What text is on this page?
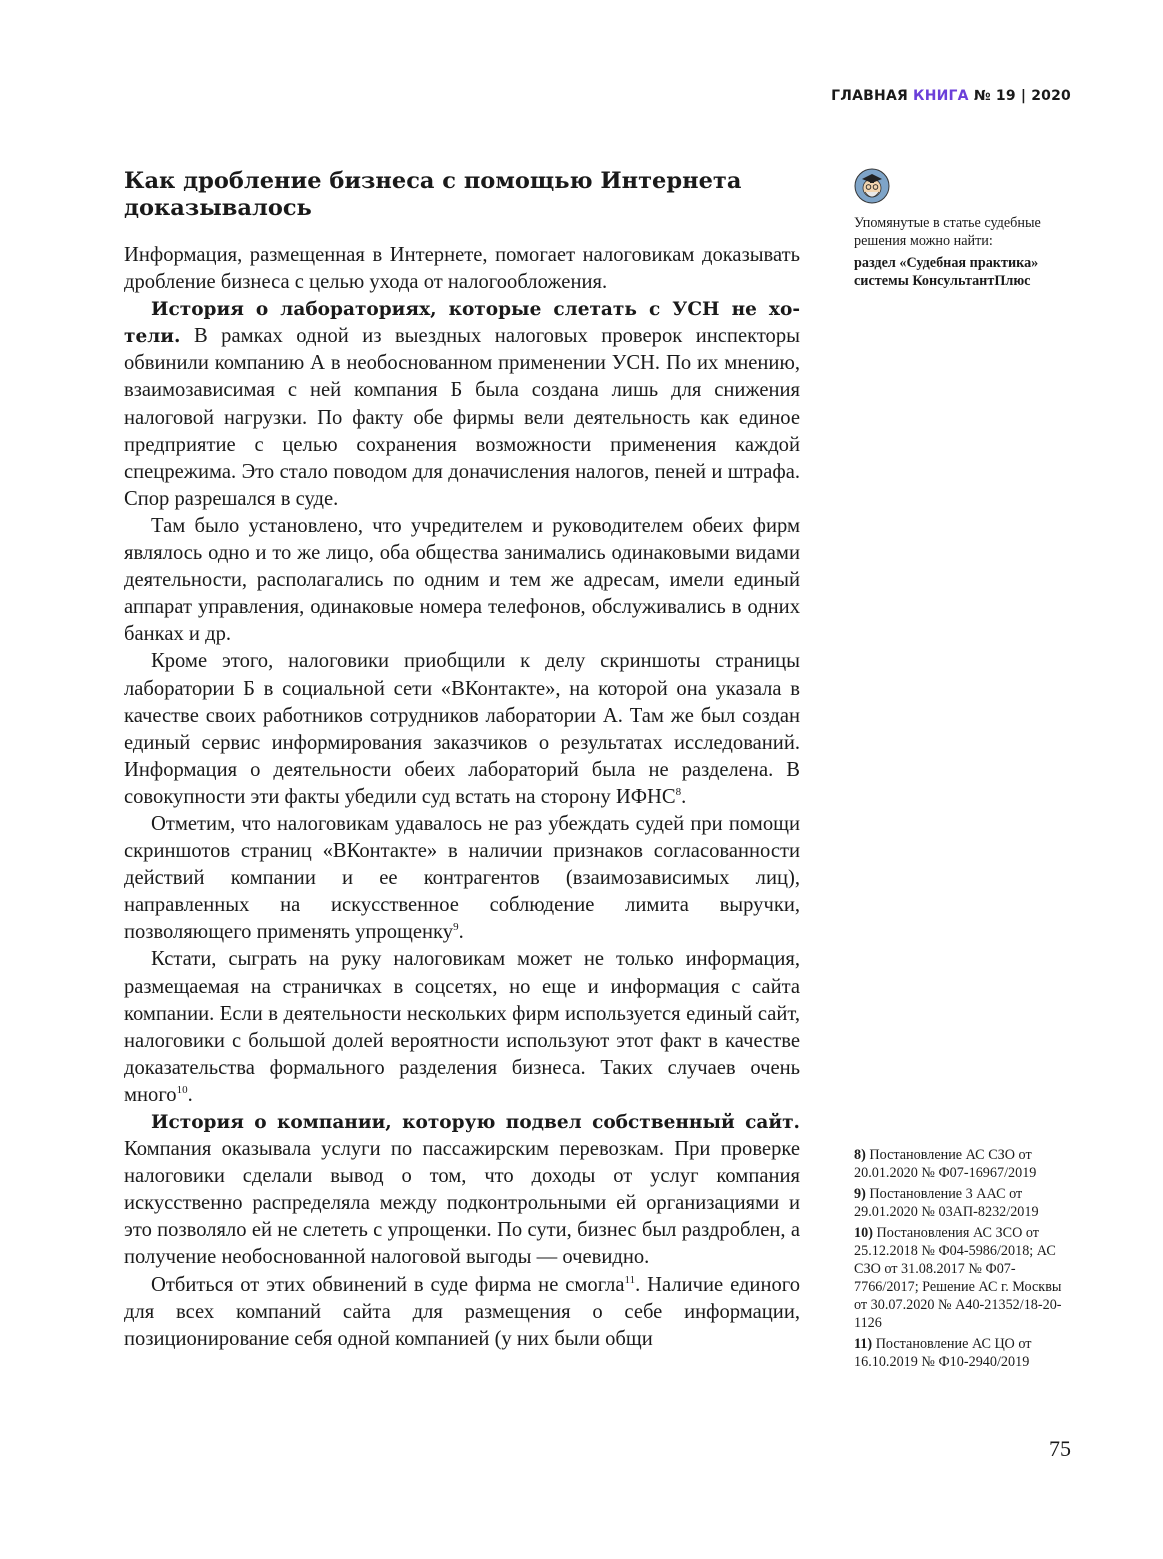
ГЛАВНАЯ КНИГА № 19 | 2020
Как дробление бизнеса с помощью Интернета доказывалось

Информация, размещенная в Интернете, помогает налоговикам доказывать дробление бизнеса с целью ухода от налогообложения.

История о лабораториях, которые слетать с УСН не хотели. В рамках одной из выездных налоговых проверок инспекторы обвинили компанию А в необоснованном применении УСН. По их мнению, взаимозависимая с ней компания Б была создана лишь для снижения налоговой нагрузки. По факту обе фирмы вели деятельность как единое предприятие с целью сохранения возможности применения каждой спецрежима. Это стало поводом для доначисления налогов, пеней и штрафа. Спор разрешался в суде.

Там было установлено, что учредителем и руководителем обеих фирм являлось одно и то же лицо, оба общества занимались одинаковыми видами деятельности, располагались по одним и тем же адресам, имели единый аппарат управления, одинаковые номера телефонов, обслуживались в одних банках и др.

Кроме этого, налоговики приобщили к делу скриншоты страницы лаборатории Б в социальной сети «ВКонтакте», на которой она указала в качестве своих работников сотрудников лаборатории А. Там же был создан единый сервис информирования заказчиков о результатах исследований. Информация о деятельности обеих лабораторий была не разделена. В совокупности эти факты убедили суд встать на сторону ИФНС$^8$.

Отметим, что налоговикам удавалось не раз убеждать судей при помощи скриншотов страниц «ВКонтакте» в наличии признаков согласованности действий компании и ее контрагентов (взаимозависимых лиц), направленных на искусственное соблюдение лимита выручки, позволяющего применять упрощенку$^9$.

Кстати, сыграть на руку налоговикам может не только информация, размещаемая на страничках в соцсетях, но еще и информация с сайта компании. Если в деятельности нескольких фирм используется единый сайт, налоговики с большой долей вероятности используют этот факт в качестве доказательства формального разделения бизнеса. Таких случаев очень много$^{10}$.

История о компании, которую подвел собственный сайт. Компания оказывала услуги по пассажирским перевозкам. При проверке налоговики сделали вывод о том, что доходы от услуг компания искусственно распределяла между подконтрольными ей организациями и это позволяло ей не слететь с упрощенки. По сути, бизнес был раздроблен, а получение необоснованной налоговой выгоды — очевидно.

Отбиться от этих обвинений в суде фирма не смогла$^{11}$. Наличие единого для всех компаний сайта для размещения о себе информации, позиционирование себя одной компанией (у них были общи

Упомянутые в статье судебные решения можно найти:
раздел «Судебная практика» системы КонсультантПлюс
8) Постановление АС СЗО от 20.01.2020 № Ф07-16967/2019
9) Постановление 3 ААС от 29.01.2020 № 03АП-8232/2019
10) Постановления АС ЗСО от 25.12.2018 № Ф04-5986/2018; АС СЗО от 31.08.2017 № Ф07-7766/2017; Решение АС г. Москвы от 30.07.2020 № А40-21352/18-20-1126
11) Постановление АС ЦО от 16.10.2019 № Ф10-2940/2019
75
